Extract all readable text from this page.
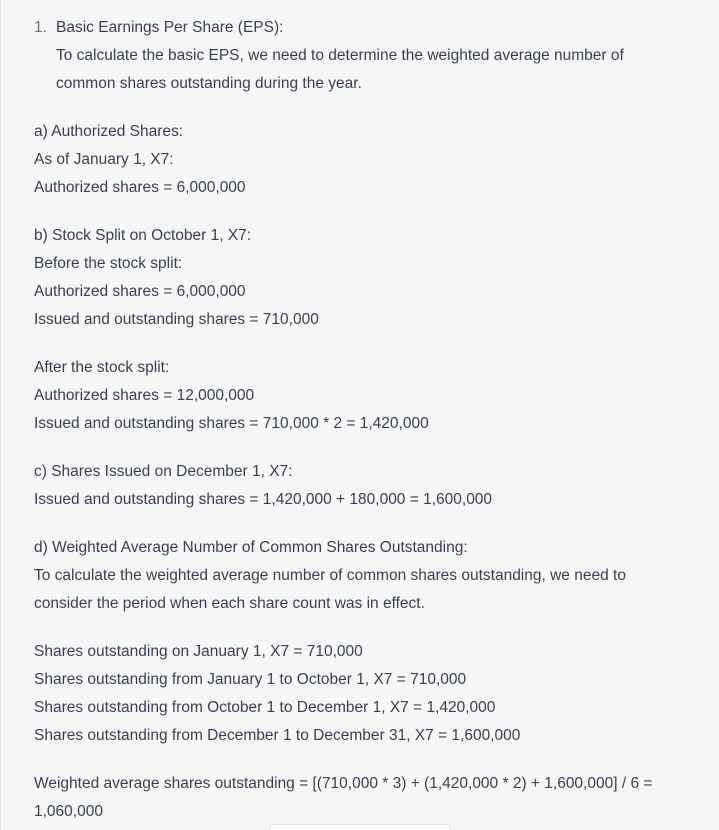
1. Basic Earnings Per Share (EPS):

To calculate the basic EPS, we need to determine the weighted average number of

common shares outstanding during the year.

a) Authorized Shares:

As of January 1, X7:

Authorized shares = 6,000,000

b) Stock Split on October 1, X7:

Before the stock split:

Authorized shares = 6,000,000

Issued and outstanding shares = 710,000

After the stock split:

Authorized shares = 12,000,000

Issued and outstanding shares = 710,000 * 2 = 1,420,000

c) Shares Issued on December 1, X7:

Issued and outstanding shares = 1,420,000 + 180,000 = 1,600,000

d) Weighted Average Number of Common Shares Outstanding:

To calculate the weighted average number of common shares outstanding, we need to

consider the period when each share count was in effect.

Shares outstanding on January 1, X7 = 710,000

Shares outstanding from January 1 to October 1, X7 = 710,000

Shares outstanding from October 1 to December 1, X7 = 1,420,000

Shares outstanding from December 1 to December 31, X7 = 1,600,000

Weighted average shares outstanding = [(710,000 * 3) + (1,420,000 * 2) + 1,600,000] / 6 =

1,060,000
